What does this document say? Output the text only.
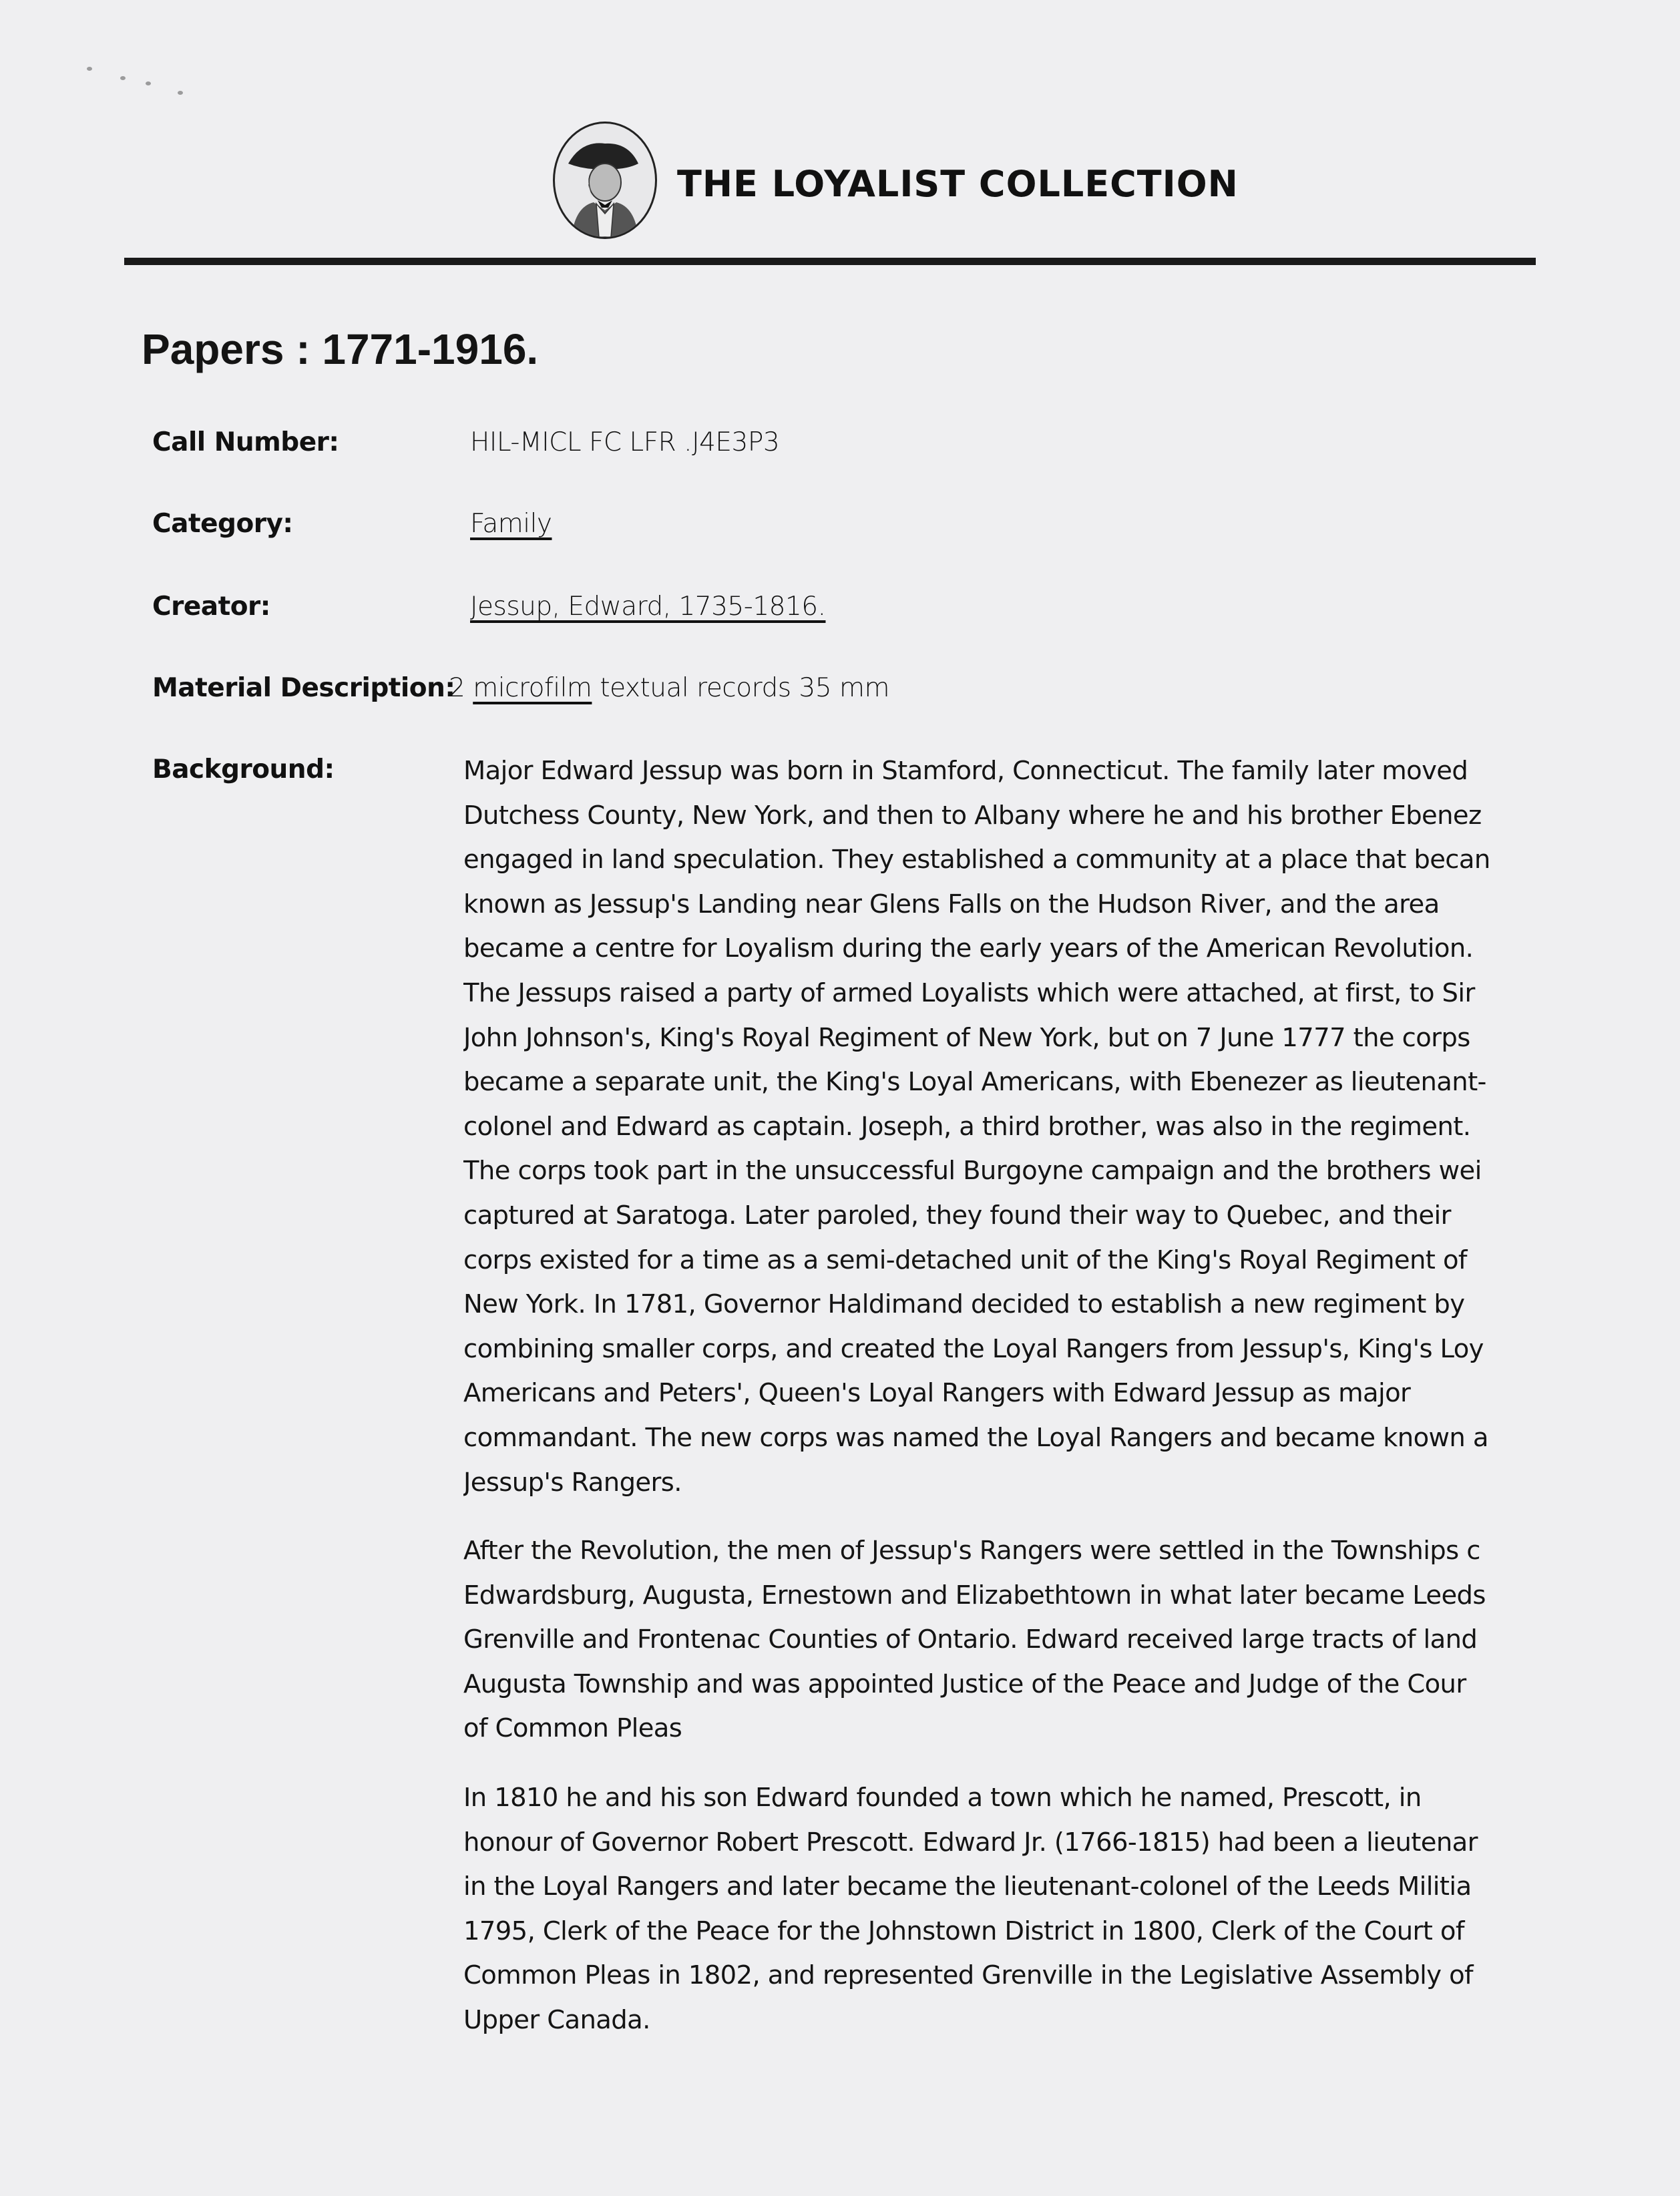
THE LOYALIST COLLECTION
Papers : 1771-1916.
Call Number:	HIL-MICL FC LFR .J4E3P3
Category:	Family
Creator:	Jessup, Edward, 1735-1816.
Material Description:
2 microfilm textual records 35 mm
Background:	Major Edward Jessup was born in Stamford, Connecticut. The family later moved
Dutchess County, New York, and then to Albany where he and his brother Ebenez
engaged in land speculation. They established a community at a place that becan
known as Jessup's Landing near Glens Falls on the Hudson River, and the area
became a centre for Loyalism during the early years of the American Revolution.
The Jessups raised a party of armed Loyalists which were attached, at first, to Sir
John Johnson's, King's Royal Regiment of New York, but on 7 June 1777 the corps
became a separate unit, the King's Loyal Americans, with Ebenezer as lieutenant-
colonel and Edward as captain. Joseph, a third brother, was also in the regiment.
The corps took part in the unsuccessful Burgoyne campaign and the brothers wei
captured at Saratoga. Later paroled, they found their way to Quebec, and their
corps existed for a time as a semi-detached unit of the King's Royal Regiment of
New York. In 1781, Governor Haldimand decided to establish a new regiment by
combining smaller corps, and created the Loyal Rangers from Jessup's, King's Loy
Americans and Peters', Queen's Loyal Rangers with Edward Jessup as major
commandant. The new corps was named the Loyal Rangers and became known a
Jessup's Rangers.
After the Revolution, the men of Jessup's Rangers were settled in the Townships c
Edwardsburg, Augusta, Ernestown and Elizabethtown in what later became Leeds
Grenville and Frontenac Counties of Ontario. Edward received large tracts of land
Augusta Township and was appointed Justice of the Peace and Judge of the Cour
of Common Pleas
In 1810 he and his son Edward founded a town which he named, Prescott, in
honour of Governor Robert Prescott. Edward Jr. (1766-1815) had been a lieutenar
in the Loyal Rangers and later became the lieutenant-colonel of the Leeds Militia
1795, Clerk of the Peace for the Johnstown District in 1800, Clerk of the Court of
Common Pleas in 1802, and represented Grenville in the Legislative Assembly of
Upper Canada.
